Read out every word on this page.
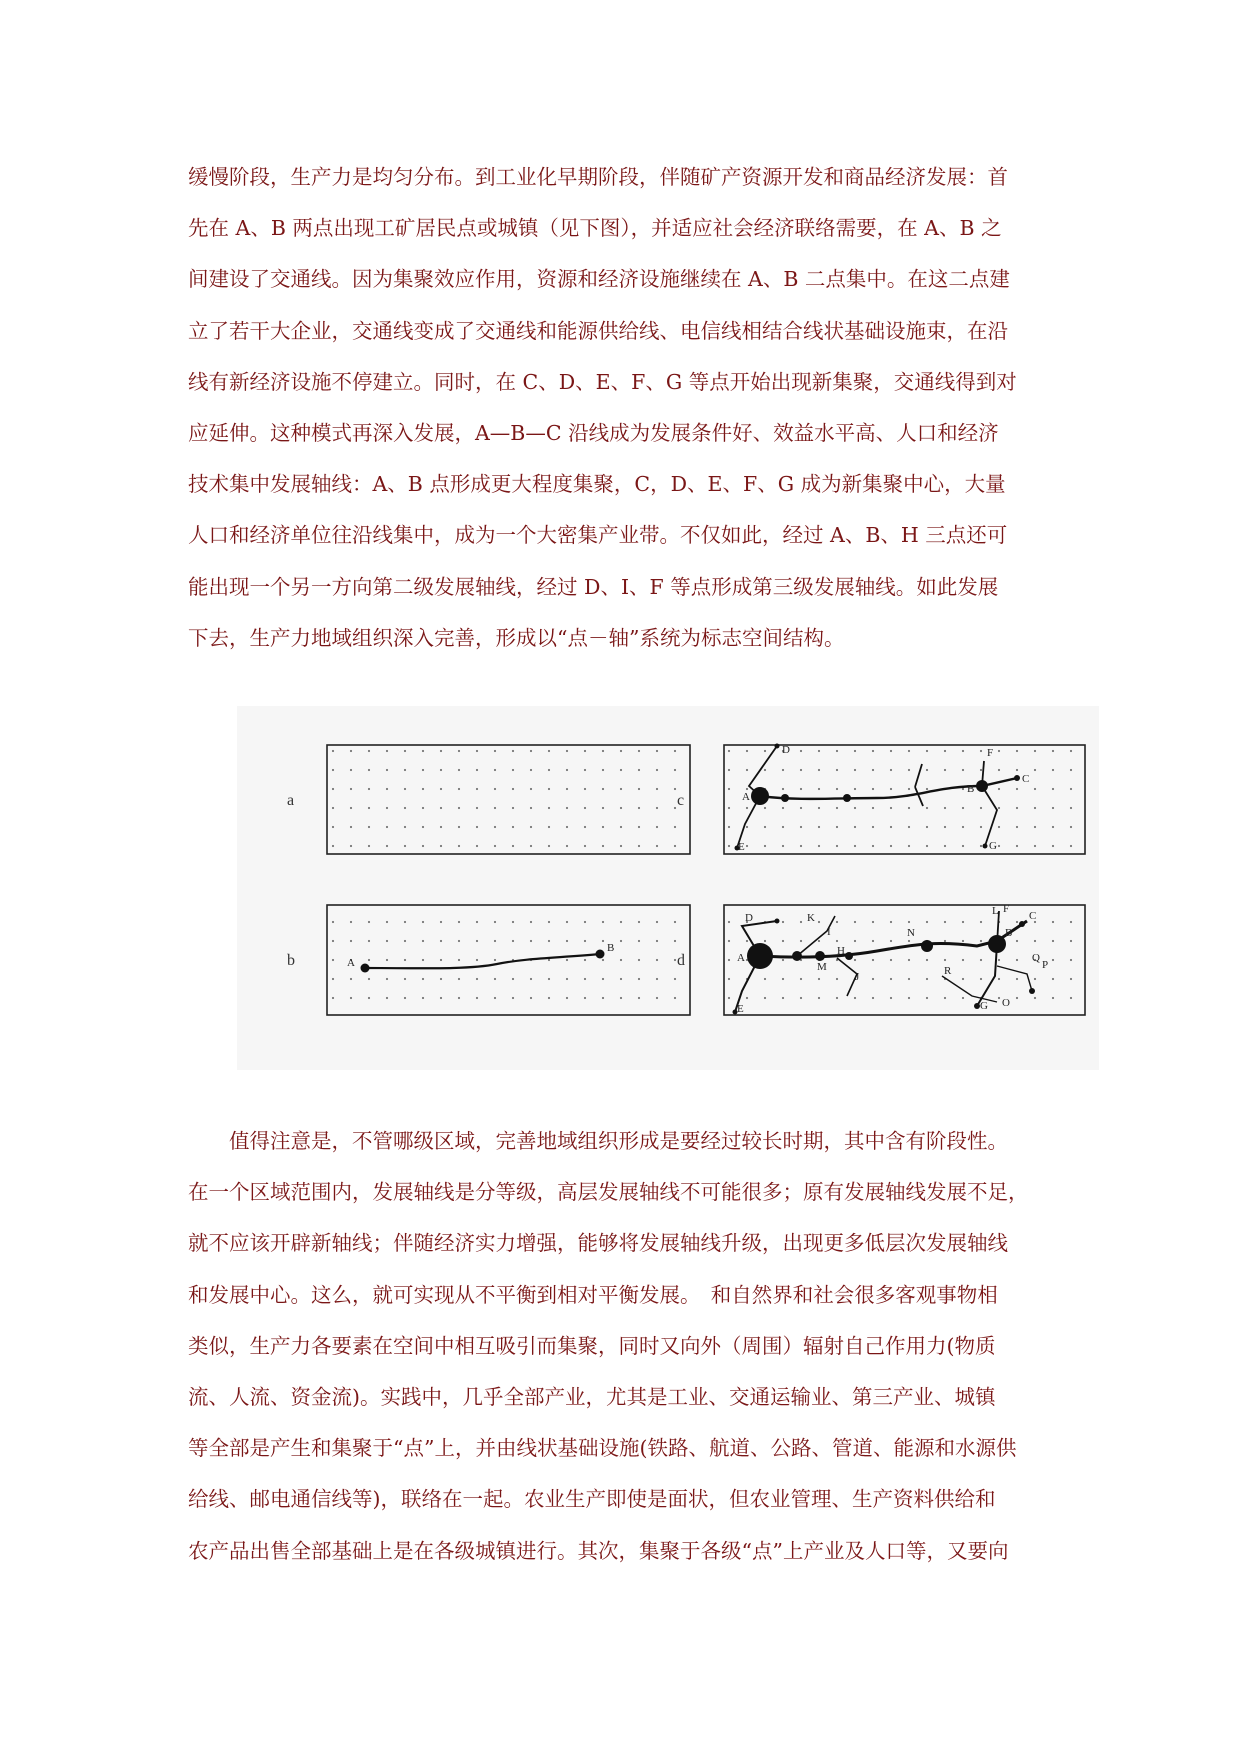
缓慢阶段，生产力是均匀分布。到工业化早期阶段，伴随矿产资源开发和商品经济发展：首
先在 A、B 两点出现工矿居民点或城镇（见下图），并适应社会经济联络需要，在 A、B 之
间建设了交通线。因为集聚效应作用，资源和经济设施继续在 A、B 二点集中。在这二点建
立了若干大企业，交通线变成了交通线和能源供给线、电信线相结合线状基础设施束，在沿
线有新经济设施不停建立。同时，在 C、D、E、F、G 等点开始出现新集聚，交通线得到对
应延伸。这种模式再深入发展，A—B—C 沿线成为发展条件好、效益水平高、人口和经济
技术集中发展轴线：A、B 点形成更大程度集聚，C，D、E、F、G 成为新集聚中心，大量
人口和经济单位往沿线集中，成为一个大密集产业带。不仅如此，经过 A、B、H 三点还可
能出现一个另一方向第二级发展轴线，经过 D、I、F 等点形成第三级发展轴线。如此发展
下去，生产力地域组织深入完善，形成以“点－轴”系统为标志空间结构。
a
b	A
B
c	A
B
C
D
E
F
G
d	A
B
C
D
E
F
G
H
I
J
K
L
M
N
O
P
Q
R
　　值得注意是，不管哪级区域，完善地域组织形成是要经过较长时期，其中含有阶段性。
在一个区域范围内，发展轴线是分等级，高层发展轴线不可能很多；原有发展轴线发展不足，
就不应该开辟新轴线；伴随经济实力增强，能够将发展轴线升级，出现更多低层次发展轴线
和发展中心。这么，就可实现从不平衡到相对平衡发展。　和自然界和社会很多客观事物相
类似，生产力各要素在空间中相互吸引而集聚，同时又向外（周围）辐射自己作用力(物质
流、人流、资金流)。实践中，几乎全部产业，尤其是工业、交通运输业、第三产业、城镇
等全部是产生和集聚于“点”上，并由线状基础设施(铁路、航道、公路、管道、能源和水源供
给线、邮电通信线等)，联络在一起。农业生产即使是面状，但农业管理、生产资料供给和
农产品出售全部基础上是在各级城镇进行。其次，集聚于各级“点”上产业及人口等，又要向
